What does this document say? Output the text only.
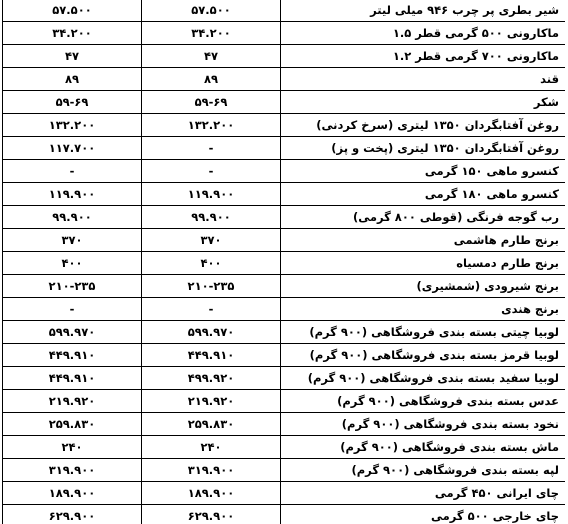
شیر بطری پر چرب ۹۴۶ میلی لیتر	۵۷.۵۰۰	۵۷.۵۰۰
ماکارونی ۵۰۰ گرمی قطر ۱.۵	۳۴.۲۰۰	۳۴.۲۰۰
ماکارونی ۷۰۰ گرمی قطر ۱.۲	۴۷	۴۷
قند	۸۹	۸۹
شکر	۵۹-۶۹	۵۹-۶۹
روغن آفتابگردان ۱۳۵۰ لیتری (سرخ کردنی)	۱۳۲.۲۰۰	۱۳۲.۲۰۰
روغن آفتابگردان ۱۳۵۰ لیتری (پخت و پز)	-	۱۱۷.۷۰۰
کنسرو ماهی ۱۵۰ گرمی	-	-
کنسرو ماهی ۱۸۰ گرمی	۱۱۹.۹۰۰	۱۱۹.۹۰۰
رب گوجه فرنگی (قوطی ۸۰۰ گرمی)	۹۹.۹۰۰	۹۹.۹۰۰
برنج طارم هاشمی	۳۷۰	۳۷۰
برنج طارم دمسیاه	۴۰۰	۴۰۰
برنج شیرودی (شمشیری)	۲۱۰-۲۳۵	۲۱۰-۲۳۵
برنج هندی	-	-
لوبیا چیتی بسته بندی فروشگاهی (۹۰۰ گرم)	۵۹۹.۹۷۰	۵۹۹.۹۷۰
لوبیا قرمز بسته بندی فروشگاهی (۹۰۰ گرم)	۴۴۹.۹۱۰	۴۴۹.۹۱۰
لوبیا سفید بسته بندی فروشگاهی (۹۰۰ گرم)	۴۹۹.۹۲۰	۴۴۹.۹۱۰
عدس بسته بندی فروشگاهی (۹۰۰ گرم)	۲۱۹.۹۲۰	۲۱۹.۹۲۰
نخود بسته بندی فروشگاهی (۹۰۰ گرم)	۲۵۹.۸۳۰	۲۵۹.۸۳۰
ماش بسته بندی فروشگاهی (۹۰۰ گرم)	۲۴۰	۲۴۰
لپه بسته بندی فروشگاهی (۹۰۰ گرم)	۳۱۹.۹۰۰	۳۱۹.۹۰۰
چای ایرانی ۴۵۰ گرمی	۱۸۹.۹۰۰	۱۸۹.۹۰۰
چای خارجی ۵۰۰ گرمی	۶۲۹.۹۰۰	۶۲۹.۹۰۰
